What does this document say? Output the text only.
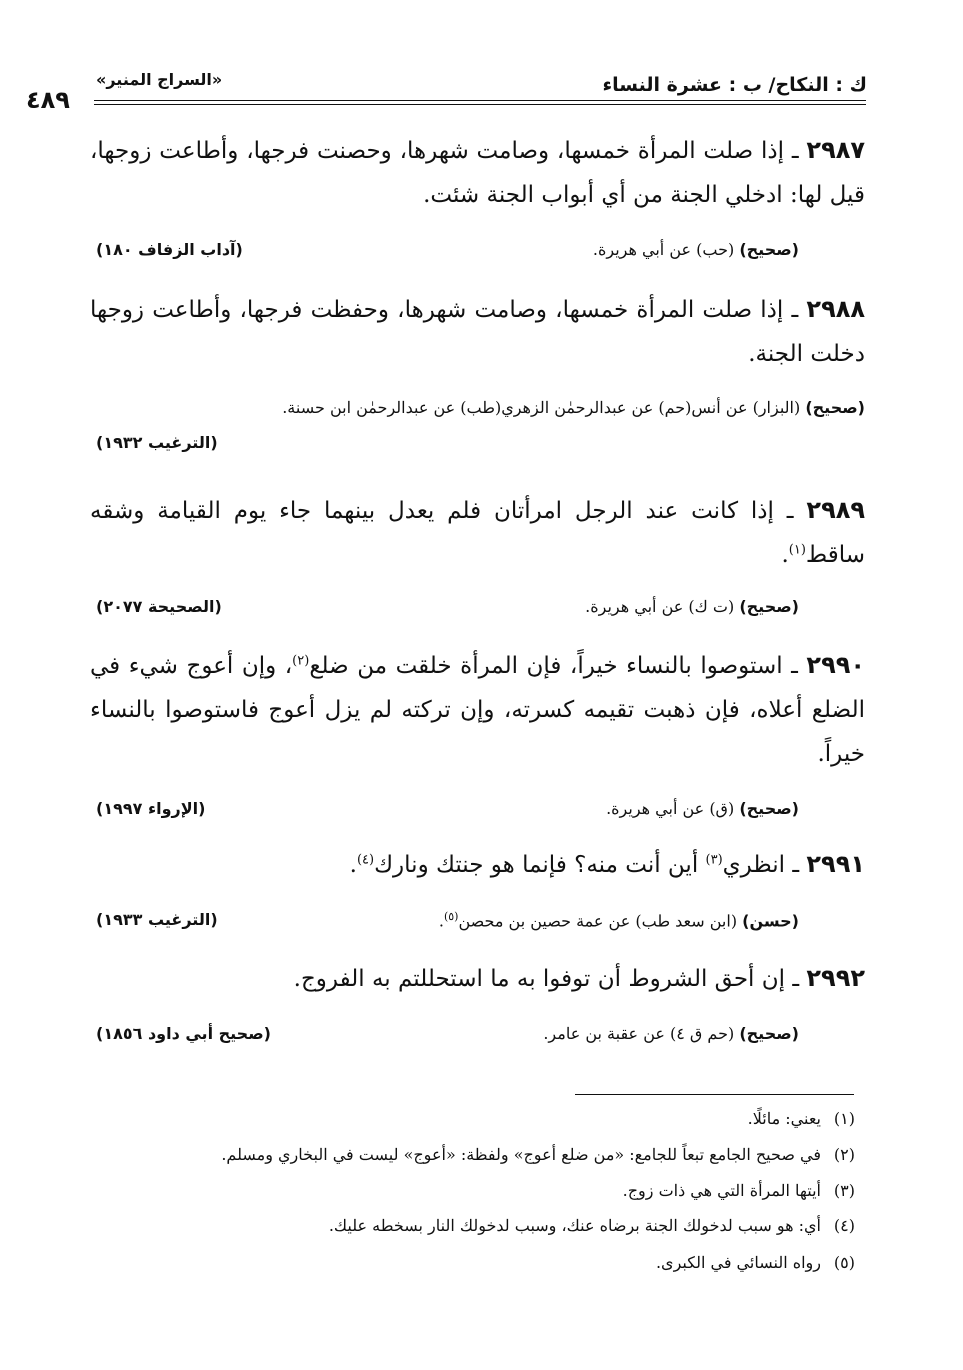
ك : النكاح/ ب : عشرة النساء
«السراج المنير»
٤٨٩
٢٩٨٧ ـ إذا صلت المرأة خمسها، وصامت شهرها، وحصنت فرجها، وأطاعت زوجها، قيل لها: ادخلي الجنة من أي أبواب الجنة شئت.
(صحيح) (حب) عن أبي هريرة.
(آداب الزفاف ١٨٠)
٢٩٨٨ ـ إذا صلت المرأة خمسها، وصامت شهرها، وحفظت فرجها، وأطاعت زوجها دخلت الجنة.
(صحيح) (البزار) عن أنس(حم) عن عبدالرحمٰن الزهري(طب) عن عبدالرحمٰن ابن حسنة.
(الترغيب ١٩٣٢)
٢٩٨٩ ـ إذا كانت عند الرجل امرأتان فلم يعدل بينهما جاء يوم القيامة وشقه ساقط$^{(١)}$.
(صحيح) (ت ك) عن أبي هريرة.
(الصحيحة ٢٠٧٧)
٢٩٩٠ ـ استوصوا بالنساء خيراً، فإن المرأة خلقت من ضلع$^{(٢)}$، وإن أعوج شيء في الضلع أعلاه، فإن ذهبت تقيمه كسرته، وإن تركته لم يزل أعوج فاستوصوا بالنساء خيراً.
(صحيح) (ق) عن أبي هريرة.
(الإرواء ١٩٩٧)
٢٩٩١ ـ انظري$^{(٣)}$ أين أنت منه؟ فإنما هو جنتك ونارك$^{(٤)}$.
(حسن) (ابن سعد طب) عن عمة حصين بن محصن$^{(٥)}$.
(الترغيب ١٩٣٣)
٢٩٩٢ ـ إن أحق الشروط أن توفوا به ما استحللتم به الفروج.
(صحيح) (حم ق ٤) عن عقبة بن عامر.
(صحيح أبي داود ١٨٥٦)
(١)يعني: مائلًا.
(٢)في صحيح الجامع تبعاً للجامع: «من ضلع أعوج» ولفظة: «أعوج» ليست في البخاري ومسلم.
(٣)أيتها المرأة التي هي ذات زوج.
(٤)أي: هو سبب لدخولك الجنة برضاه عنك، وسبب لدخولك النار بسخطه عليك.
(٥)رواه النسائي في الكبرى.
